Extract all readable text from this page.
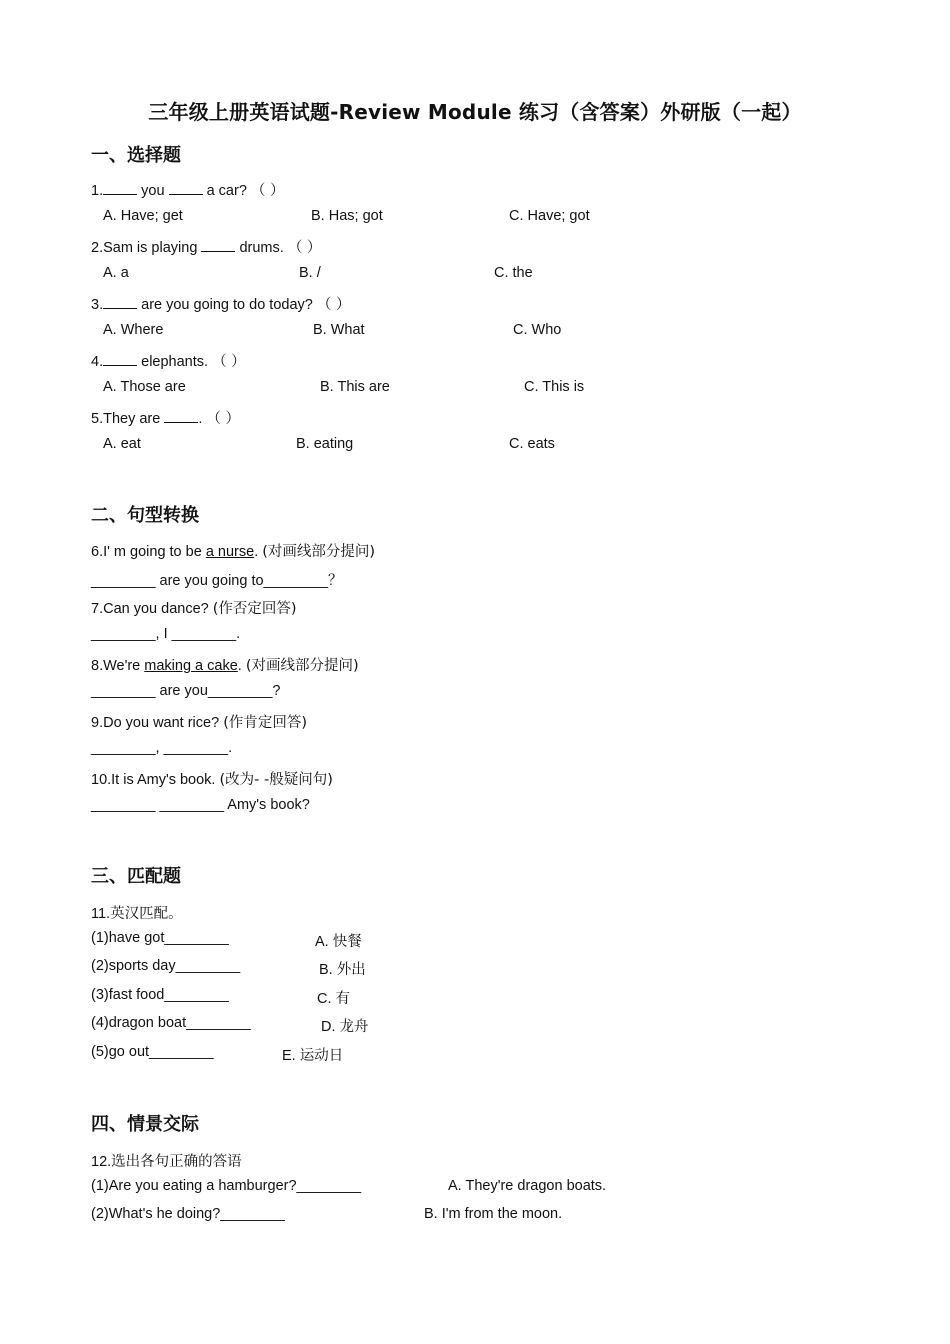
三年级上册英语试题-Review Module 练习（含答案）外研版（一起）
一、选择题
1.	you	a car? （ ）
A. Have; get	B. Has; got	C. Have; got
2.Sam is playing	drums. （ ）
A. a	B. /	C. the
3.	are you going to do today? （ ）
A. Where	B. What	C. Who
4.	elephants. （ ）
A. Those are	B. This are	C. This is
5.They are . （ ）
A. eat	B. eating	C. eats
二、句型转换
6.I' m going to be a nurse. (对画线部分提问)
________ are you going to________？
7.Can you dance? (作否定回答)
________, I ________.
8.We're making a cake. (对画线部分提问)
________ are you________?
9.Do you want rice? (作肯定回答)
________, ________.
10.It is Amy's book. (改为- -般疑问句)
________ ________ Amy's book?
三、匹配题
11.英汉匹配。
(1)have got________	A. 快餐
(2)sports day________	B. 外出
(3)fast food________	C. 有
(4)dragon boat________	D. 龙舟
(5)go out________	E. 运动日
四、情景交际
12.选出各句正确的答语
(1)Are you eating a hamburger?________	A. They're dragon boats.
(2)What's he doing?________	B. I'm from the moon.
